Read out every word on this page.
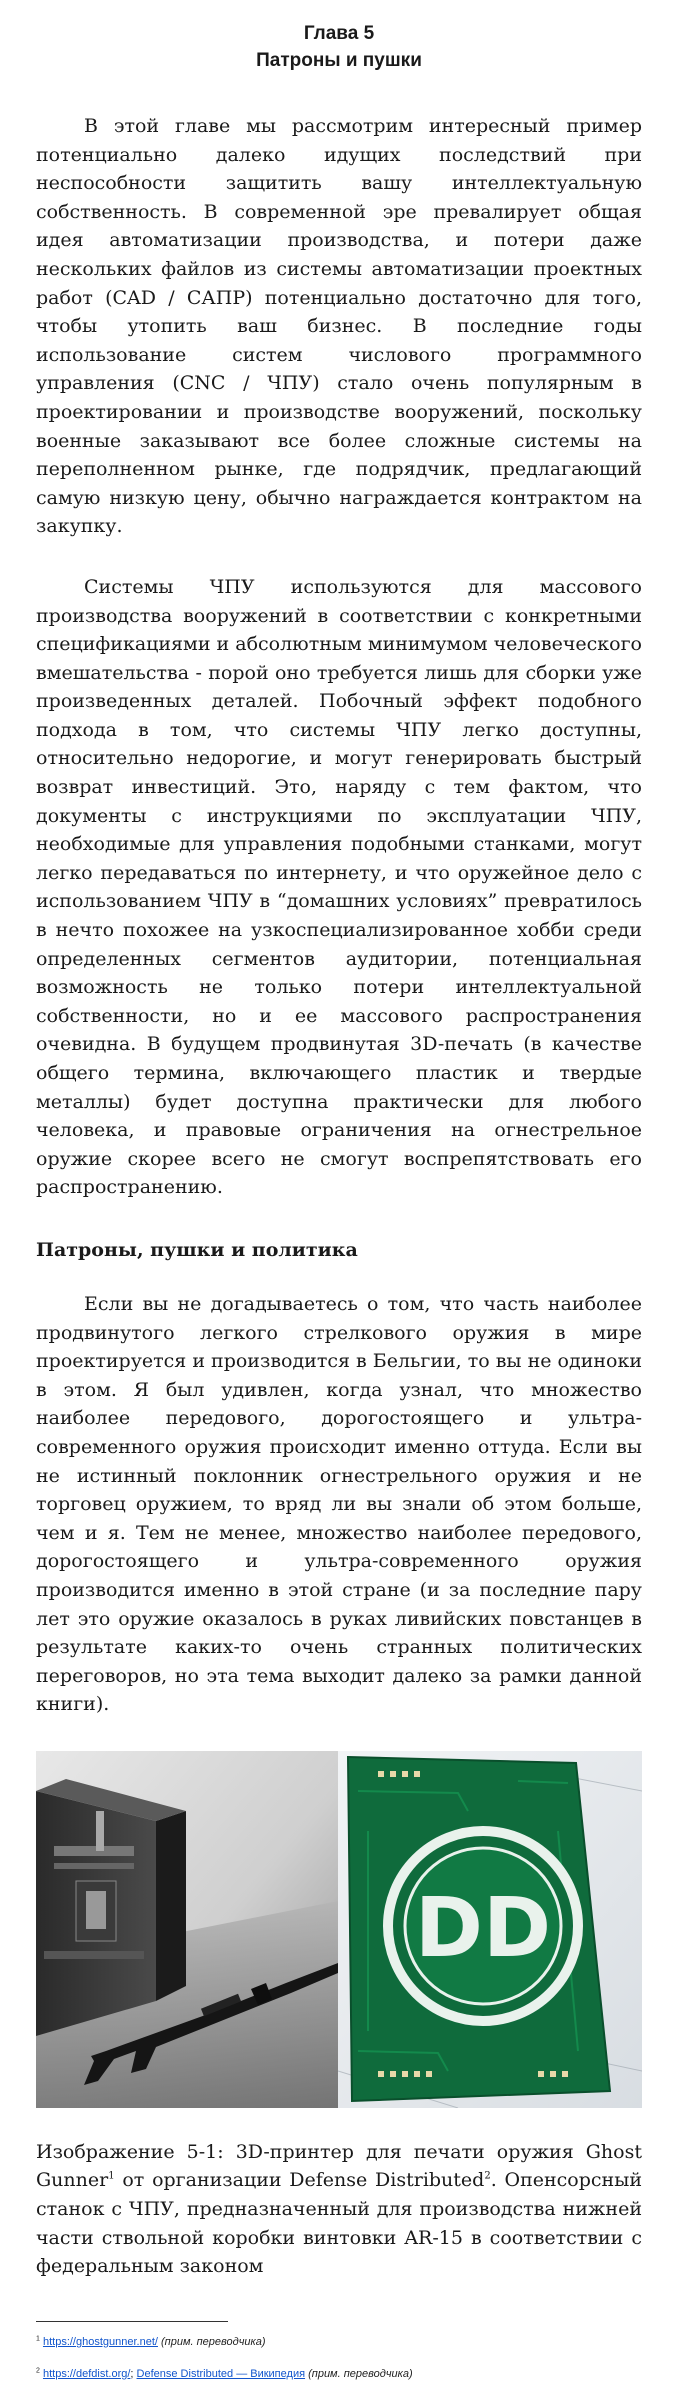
Глава 5
Патроны и пушки

В этой главе мы рассмотрим интересный пример потенциально далеко идущих последствий при неспособности защитить вашу интеллектуальную собственность. В современной эре превалирует общая идея автоматизации производства, и потери даже нескольких файлов из системы автоматизации проектных работ (CAD / САПР) потенциально достаточно для того, чтобы утопить ваш бизнес. В последние годы использование систем числового программного управления (CNC / ЧПУ) стало очень популярным в проектировании и производстве вооружений, поскольку военные заказывают все более сложные системы на переполненном рынке, где подрядчик, предлагающий самую низкую цену, обычно награждается контрактом на закупку.

Системы ЧПУ используются для массового производства вооружений в соответствии с конкретными спецификациями и абсолютным минимумом человеческого вмешательства - порой оно требуется лишь для сборки уже произведенных деталей. Побочный эффект подобного подхода в том, что системы ЧПУ легко доступны, относительно недорогие, и могут генерировать быстрый возврат инвестиций. Это, наряду с тем фактом, что документы с инструкциями по эксплуатации ЧПУ, необходимые для управления подобными станками, могут легко передаваться по интернету, и что оружейное дело с использованием ЧПУ в “домашних условиях” превратилось в нечто похожее на узкоспециализированное хобби среди определенных сегментов аудитории, потенциальная возможность не только потери интеллектуальной собственности, но и ее массового распространения очевидна. В будущем продвинутая 3D-печать (в качестве общего термина, включающего пластик и твердые металлы) будет доступна практически для любого человека, и правовые ограничения на огнестрельное оружие скорее всего не смогут воспрепятствовать его распространению.

Патроны, пушки и политика

Если вы не догадываетесь о том, что часть наиболее продвинутого легкого стрелкового оружия в мире проектируется и производится в Бельгии, то вы не одиноки в этом. Я был удивлен, когда узнал, что множество наиболее передового, дорогостоящего и ультра-современного оружия происходит именно оттуда. Если вы не истинный поклонник огнестрельного оружия и не торговец оружием, то вряд ли вы знали об этом больше, чем и я. Тем не менее, множество наиболее передового, дорогостоящего и ультра-современного оружия производится именно в этой стране (и за последние пару лет это оружие оказалось в руках ливийских повстанцев в результате каких-то очень странных политических переговоров, но эта тема выходит далеко за рамки данной книги).

DD
Изображение 5-1: 3D-принтер для печати оружия Ghost Gunner$^1$ от организации Defense Distributed$^2$. Опенсорсный станок с ЧПУ, предназначенный для производства нижней части ствольной коробки винтовки AR-15 в соответствии с федеральным законом
$^1$ https://ghostgunner.net/ (прим. переводчика)
$^2$ https://defdist.org/; Defense Distributed — Википедия (прим. переводчика)
